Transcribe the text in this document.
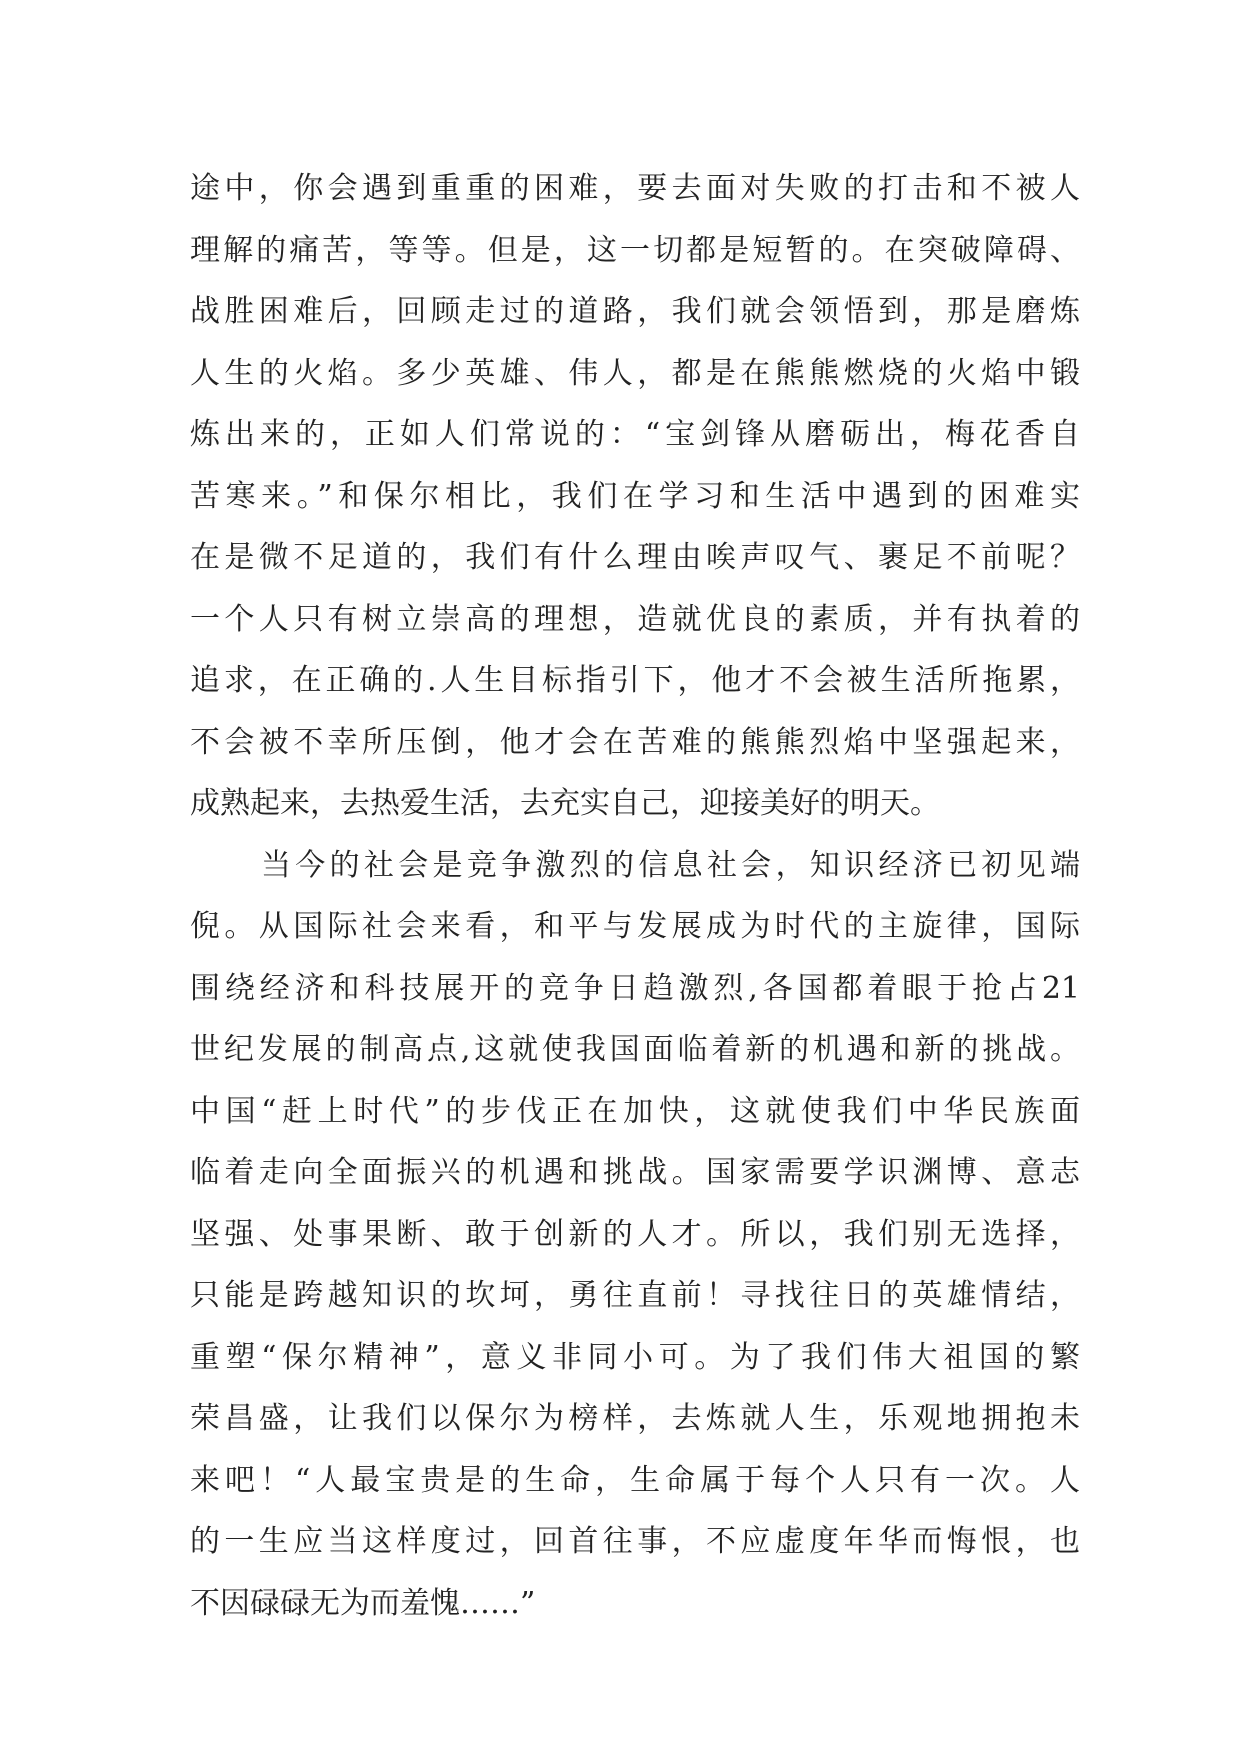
途中，你会遇到重重的困难，要去面对失败的打击和不被人
理解的痛苦，等等。但是，这一切都是短暂的。在突破障碍、
战胜困难后，回顾走过的道路，我们就会领悟到，那是磨炼
人生的火焰。多少英雄、伟人，都是在熊熊燃烧的火焰中锻
炼出来的，正如人们常说的：“宝剑锋从磨砺出，梅花香自
苦寒来。”和保尔相比，我们在学习和生活中遇到的困难实
在是微不足道的，我们有什么理由唉声叹气、裹足不前呢？
一个人只有树立崇高的理想，造就优良的素质，并有执着的
追求，在正确的.人生目标指引下，他才不会被生活所拖累，
不会被不幸所压倒，他才会在苦难的熊熊烈焰中坚强起来，
成熟起来，去热爱生活，去充实自己，迎接美好的明天。
当今的社会是竞争激烈的信息社会，知识经济已初见端
倪。从国际社会来看，和平与发展成为时代的主旋律，国际
围绕经济和科技展开的竞争日趋激烈,各国都着眼于抢占21
世纪发展的制高点,这就使我国面临着新的机遇和新的挑战。
中国“赶上时代”的步伐正在加快，这就使我们中华民族面
临着走向全面振兴的机遇和挑战。国家需要学识渊博、意志
坚强、处事果断、敢于创新的人才。所以，我们别无选择，
只能是跨越知识的坎坷，勇往直前！寻找往日的英雄情结，
重塑“保尔精神”，意义非同小可。为了我们伟大祖国的繁
荣昌盛，让我们以保尔为榜样，去炼就人生，乐观地拥抱未
来吧！“人最宝贵是的生命，生命属于每个人只有一次。人
的一生应当这样度过，回首往事，不应虚度年华而悔恨，也
不因碌碌无为而羞愧……”
